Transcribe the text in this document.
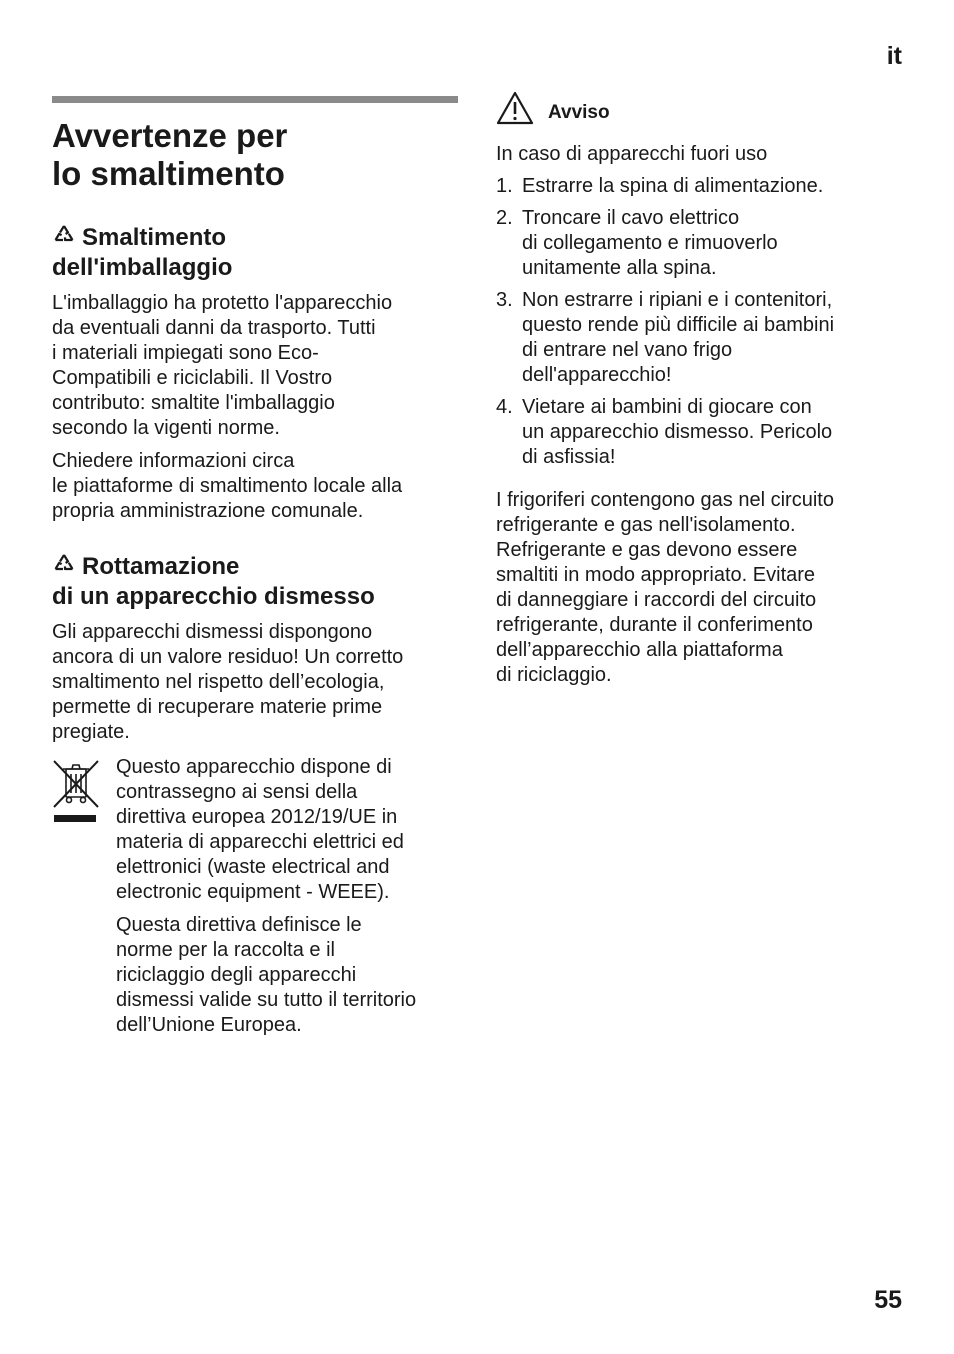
it
Avvertenze per
lo smaltimento
Smaltimento
dell'imballaggio

L'imballaggio ha protetto l'apparecchio
da eventuali danni da trasporto. Tutti
i materiali impiegati sono Eco-
Compatibili e riciclabili. Il Vostro
contributo: smaltite l'imballaggio
secondo la vigenti norme.

Chiedere informazioni circa
le piattaforme di smaltimento locale alla
propria amministrazione comunale.

Rottamazione
di un apparecchio dismesso

Gli apparecchi dismessi dispongono
ancora di un valore residuo! Un corretto
smaltimento nel rispetto dell’ecologia,
permette di recuperare materie prime
pregiate.

Questo apparecchio dispone di
contrassegno ai sensi della
direttiva europea 2012/19/UE in
materia di apparecchi elettrici ed
elettronici (waste electrical and
electronic equipment - WEEE).

Questa direttiva definisce le
norme per la raccolta e il
riciclaggio degli apparecchi
dismessi valide su tutto il territorio
dell’Unione Europea.

Avviso

In caso di apparecchi fuori uso

1. Estrarre la spina di alimentazione.
2. Troncare il cavo elettrico
di collegamento e rimuoverlo
unitamente alla spina.
3. Non estrarre i ripiani e i contenitori,
questo rende più difficile ai bambini
di entrare nel vano frigo
dell'apparecchio!
4. Vietare ai bambini di giocare con
un apparecchio dismesso. Pericolo
di asfissia!

I frigoriferi contengono gas nel circuito
refrigerante e gas nell'isolamento.
Refrigerante e gas devono essere
smaltiti in modo appropriato. Evitare
di danneggiare i raccordi del circuito
refrigerante, durante il conferimento
dell’apparecchio alla piattaforma
di riciclaggio.

55
